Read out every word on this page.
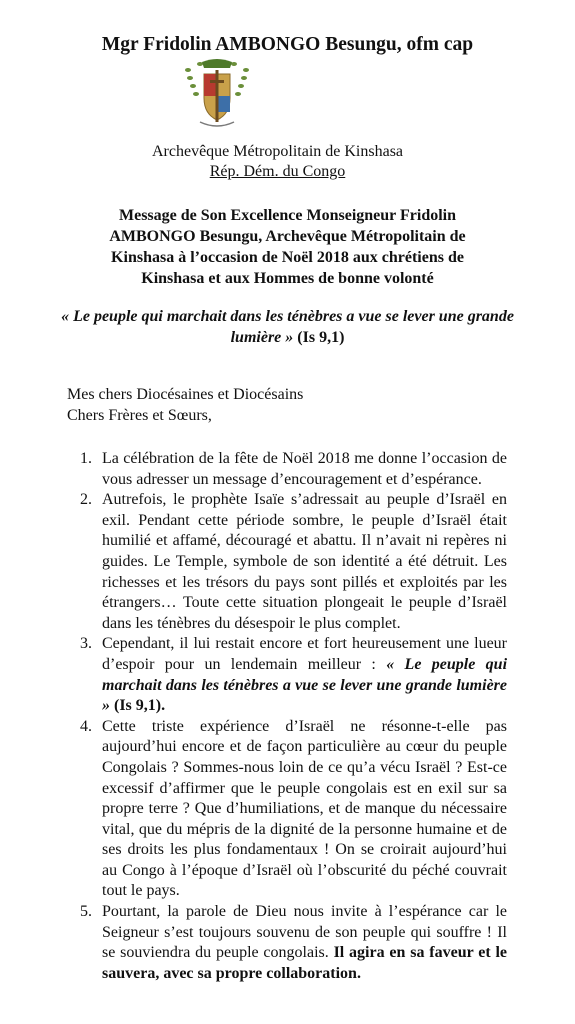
Mgr Fridolin AMBONGO Besungu, ofm cap
Archevêque Métropolitain de Kinshasa
Rép. Dém. du Congo
Message de Son Excellence Monseigneur Fridolin AMBONGO Besungu, Archevêque Métropolitain de Kinshasa à l’occasion de Noël 2018 aux chrétiens de Kinshasa et aux Hommes de bonne volonté
« Le peuple qui marchait dans les ténèbres a vue se lever une grande lumière » (Is 9,1)
Mes chers Diocésaines et Diocésains
Chers Frères et Sœurs,
1. La célébration de la fête de Noël 2018 me donne l’occasion de vous adresser un message d’encouragement et d’espérance.
2. Autrefois, le prophète Isaïe s’adressait au peuple d’Israël en exil. Pendant cette période sombre, le peuple d’Israël était humilié et affamé, découragé et abattu. Il n’avait ni repères ni guides. Le Temple, symbole de son identité a été détruit. Les richesses et les trésors du pays sont pillés et exploités par les étrangers… Toute cette situation plongeait le peuple d’Israël dans les ténèbres du désespoir le plus complet.
3. Cependant, il lui restait encore et fort heureusement une lueur d’espoir pour un lendemain meilleur : « Le peuple qui marchait dans les ténèbres a vue se lever une grande lumière » (Is 9,1).
4. Cette triste expérience d’Israël ne résonne-t-elle pas aujourd’hui encore et de façon particulière au cœur du peuple Congolais ? Sommes-nous loin de ce qu’a vécu Israël ? Est-ce excessif d’affirmer que le peuple congolais est en exil sur sa propre terre ? Que d’humiliations, et de manque du nécessaire vital, que du mépris de la dignité de la personne humaine et de ses droits les plus fondamentaux ! On se croirait aujourd’hui au Congo à l’époque d’Israël où l’obscurité du péché couvrait tout le pays.
5. Pourtant, la parole de Dieu nous invite à l’espérance car le Seigneur s’est toujours souvenu de son peuple qui souffre ! Il se souviendra du peuple congolais. Il agira en sa faveur et le sauvera, avec sa propre collaboration.
